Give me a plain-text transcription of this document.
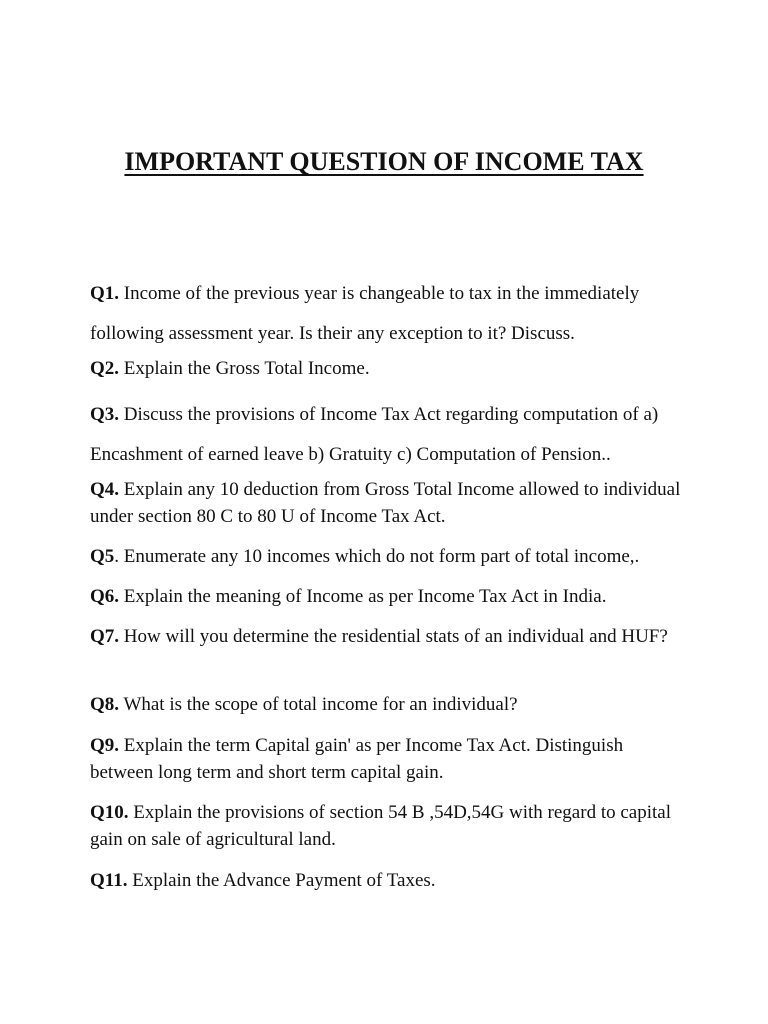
IMPORTANT QUESTION OF INCOME TAX

Q1. Income of the previous year is changeable to tax in the immediately following assessment year. Is their any exception to it? Discuss.

Q2. Explain the Gross Total Income.

Q3. Discuss the provisions of Income Tax Act regarding computation of a) Encashment of earned leave b) Gratuity c) Computation of Pension..

Q4. Explain any 10 deduction from Gross Total Income allowed to individual under section 80 C to 80 U of Income Tax Act.

Q5. Enumerate any 10 incomes which do not form part of total income,.

Q6. Explain the meaning of Income as per Income Tax Act in India.

Q7. How will you determine the residential stats of an individual and HUF?

Q8. What is the scope of total income for an individual?

Q9. Explain the term Capital gain' as per Income Tax Act. Distinguish between long term and short term capital gain.

Q10. Explain the provisions of section 54 B ,54D,54G with regard to capital gain on sale of agricultural land.

Q11. Explain the Advance Payment of Taxes.
